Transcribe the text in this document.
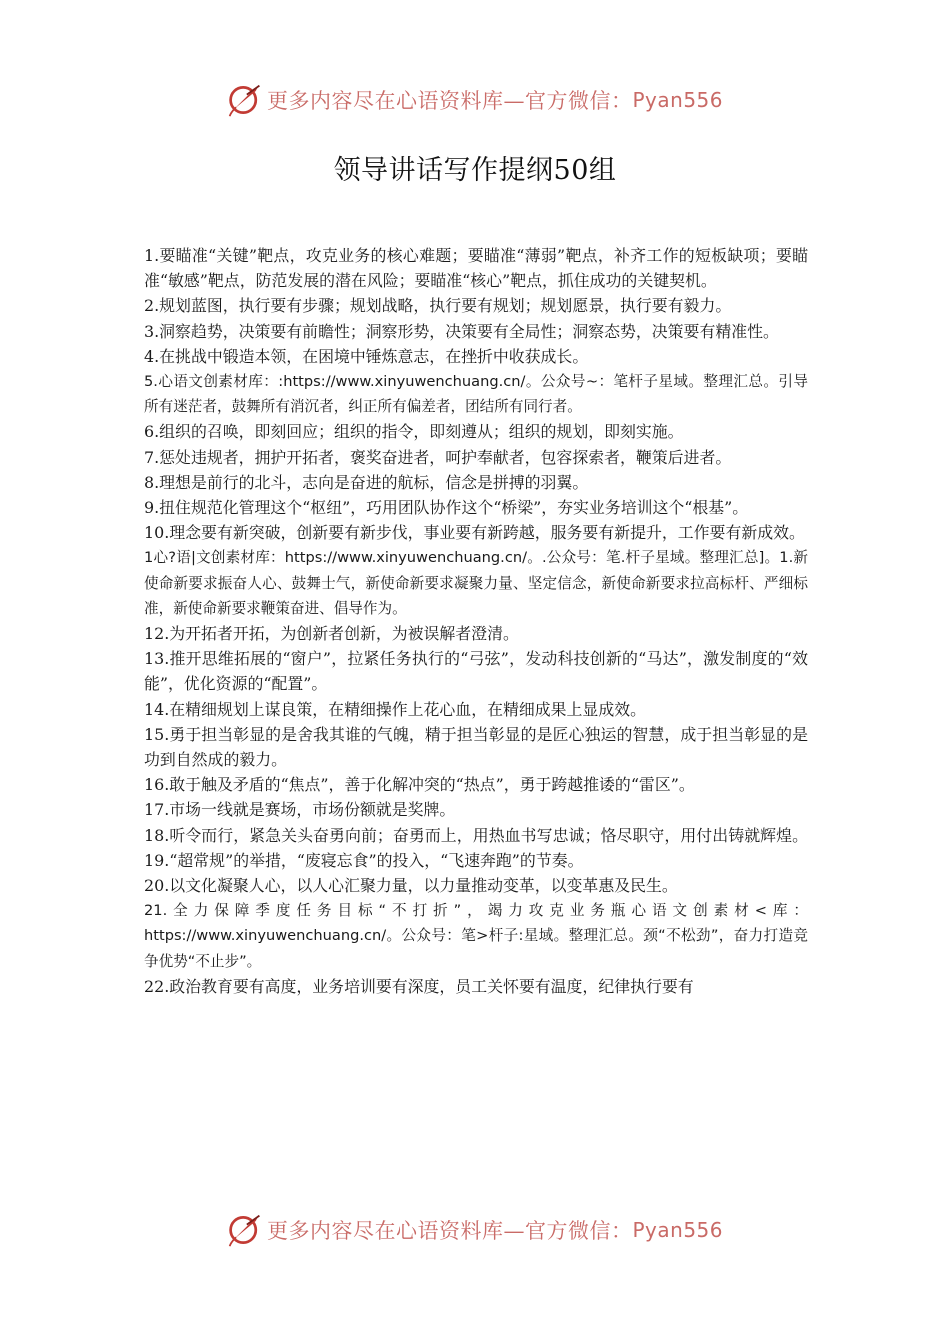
更多内容尽在心语资料库—官方微信： Pyan556
领导讲话写作提纲50组

1.要瞄准“关键”靶点，攻克业务的核心难题；要瞄准“薄弱”靶点，补齐工作的短板缺项；要瞄准“敏感”靶点，防范发展的潜在风险；要瞄准“核心”靶点，抓住成功的关键契机。

2.规划蓝图，执行要有步骤；规划战略，执行要有规划；规划愿景，执行要有毅力。

3.洞察趋势，决策要有前瞻性；洞察形势，决策要有全局性；洞察态势，决策要有精准性。

4.在挑战中锻造本领，在困境中锤炼意志，在挫折中收获成长。

5.心语文创素材库：:https://www.xinyuwenchuang.cn/。公众号~：笔杆子星域。整理汇总。引导所有迷茫者，鼓舞所有消沉者，纠正所有偏差者，团结所有同行者。

6.组织的召唤，即刻回应；组织的指令，即刻遵从；组织的规划，即刻实施。

7.惩处违规者，拥护开拓者，褒奖奋进者，呵护奉献者，包容探索者，鞭策后进者。

8.理想是前行的北斗，志向是奋进的航标，信念是拼搏的羽翼。

9.扭住规范化管理这个“枢纽”，巧用团队协作这个“桥梁”，夯实业务培训这个“根基”。

10.理念要有新突破，创新要有新步伐，事业要有新跨越，服务要有新提升，工作要有新成效。

1心?语|文创素材库：https://www.xinyuwenchuang.cn/。.公众号：笔.杆子星域。整理汇总]。1.新使命新要求振奋人心、鼓舞士气，新使命新要求凝聚力量、坚定信念，新使命新要求拉高标杆、严细标准，新使命新要求鞭策奋进、倡导作为。

12.为开拓者开拓，为创新者创新，为被误解者澄清。

13.推开思维拓展的“窗户”，拉紧任务执行的“弓弦”，发动科技创新的“马达”，激发制度的“效能”，优化资源的“配置”。

14.在精细规划上谋良策，在精细操作上花心血，在精细成果上显成效。

15.勇于担当彰显的是舍我其谁的气魄，精于担当彰显的是匠心独运的智慧，成于担当彰显的是功到自然成的毅力。

16.敢于触及矛盾的“焦点”，善于化解冲突的“热点”，勇于跨越推诿的“雷区”。

17.市场一线就是赛场，市场份额就是奖牌。

18.听令而行，紧急关头奋勇向前；奋勇而上，用热血书写忠诚；恪尽职守，用付出铸就辉煌。19.“超常规”的举措，“废寝忘食”的投入，“飞速奔跑”的节奏。

20.以文化凝聚人心，以人心汇聚力量，以力量推动变革，以变革惠及民生。

21.全力保障季度任务目标“不打折”，竭力攻克业务瓶心语文创素材<库：https://www.xinyuwenchuang.cn/。公众号：笔>杆子:星域。整理汇总。颈“不松劲”，奋力打造竞争优势“不止步”。

22.政治教育要有高度，业务培训要有深度，员工关怀要有温度，纪律执行要有

更多内容尽在心语资料库—官方微信： Pyan556
